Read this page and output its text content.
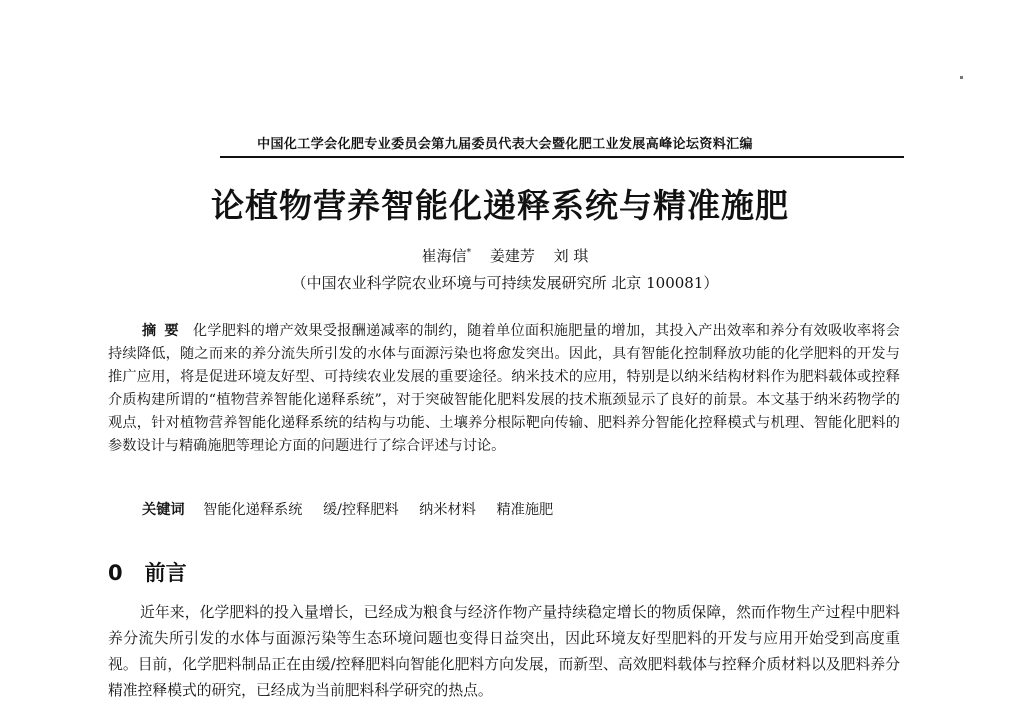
中国化工学会化肥专业委员会第九届委员代表大会暨化肥工业发展高峰论坛资料汇编
论植物营养智能化递释系统与精准施肥
崔海信* 姜建芳 刘 琪
（中国农业科学院农业环境与可持续发展研究所 北京 100081）
摘要 化学肥料的增产效果受报酬递减率的制约，随着单位面积施肥量的增加，其投入产出效率和养分有效吸收率将会持续降低，随之而来的养分流失所引发的水体与面源污染也将愈发突出。因此，具有智能化控制释放功能的化学肥料的开发与推广应用，将是促进环境友好型、可持续农业发展的重要途径。纳米技术的应用，特别是以纳米结构材料作为肥料载体或控释介质构建所谓的“植物营养智能化递释系统”，对于突破智能化肥料发展的技术瓶颈显示了良好的前景。本文基于纳米药物学的观点，针对植物营养智能化递释系统的结构与功能、土壤养分根际靶向传输、肥料养分智能化控释模式与机理、智能化肥料的参数设计与精确施肥等理论方面的问题进行了综合评述与讨论。
关键词 智能化递释系统 缓/控释肥料 纳米材料 精准施肥
0 前言
近年来，化学肥料的投入量增长，已经成为粮食与经济作物产量持续稳定增长的物质保障，然而作物生产过程中肥料养分流失所引发的水体与面源污染等生态环境问题也变得日益突出，因此环境友好型肥料的开发与应用开始受到高度重视。目前，化学肥料制品正在由缓/控释肥料向智能化肥料方向发展，而新型、高效肥料载体与控释介质材料以及肥料养分精准控释模式的研究，已经成为当前肥料科学研究的热点。
